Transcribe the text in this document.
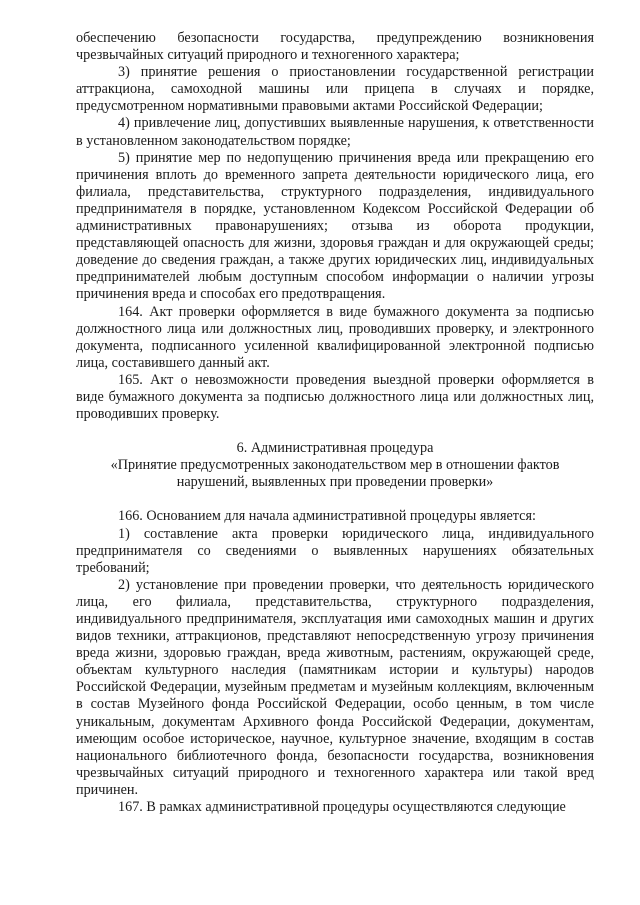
обеспечению безопасности государства, предупреждению возникновения чрезвычайных ситуаций природного и техногенного характера;

3) принятие решения о приостановлении государственной регистрации аттракциона, самоходной машины или прицепа в случаях и порядке, предусмотренном нормативными правовыми актами Российской Федерации;

4) привлечение лиц, допустивших выявленные нарушения, к ответственности в установленном законодательством порядке;

5) принятие мер по недопущению причинения вреда или прекращению его причинения вплоть до временного запрета деятельности юридического лица, его филиала, представительства, структурного подразделения, индивидуального предпринимателя в порядке, установленном Кодексом Российской Федерации об административных правонарушениях; отзыва из оборота продукции, представляющей опасность для жизни, здоровья граждан и для окружающей среды; доведение до сведения граждан, а также других юридических лиц, индивидуальных предпринимателей любым доступным способом информации о наличии угрозы причинения вреда и способах его предотвращения.

164. Акт проверки оформляется в виде бумажного документа за подписью должностного лица или должностных лиц, проводивших проверку, и электронного документа, подписанного усиленной квалифицированной электронной подписью лица, составившего данный акт.

165. Акт о невозможности проведения выездной проверки оформляется в виде бумажного документа за подписью должностного лица или должностных лиц, проводивших проверку.

6. Административная процедура

«Принятие предусмотренных законодательством мер в отношении фактов нарушений, выявленных при проведении проверки»

166. Основанием для начала административной процедуры является:

1) составление акта проверки юридического лица, индивидуального предпринимателя со сведениями о выявленных нарушениях обязательных требований;

2) установление при проведении проверки, что деятельность юридического лица, его филиала, представительства, структурного подразделения, индивидуального предпринимателя, эксплуатация ими самоходных машин и других видов техники, аттракционов, представляют непосредственную угрозу причинения вреда жизни, здоровью граждан, вреда животным, растениям, окружающей среде, объектам культурного наследия (памятникам истории и культуры) народов Российской Федерации, музейным предметам и музейным коллекциям, включенным в состав Музейного фонда Российской Федерации, особо ценным, в том числе уникальным, документам Архивного фонда Российской Федерации, документам, имеющим особое историческое, научное, культурное значение, входящим в состав национального библиотечного фонда, безопасности государства, возникновения чрезвычайных ситуаций природного и техногенного характера или такой вред причинен.

167. В рамках административной процедуры осуществляются следующие
